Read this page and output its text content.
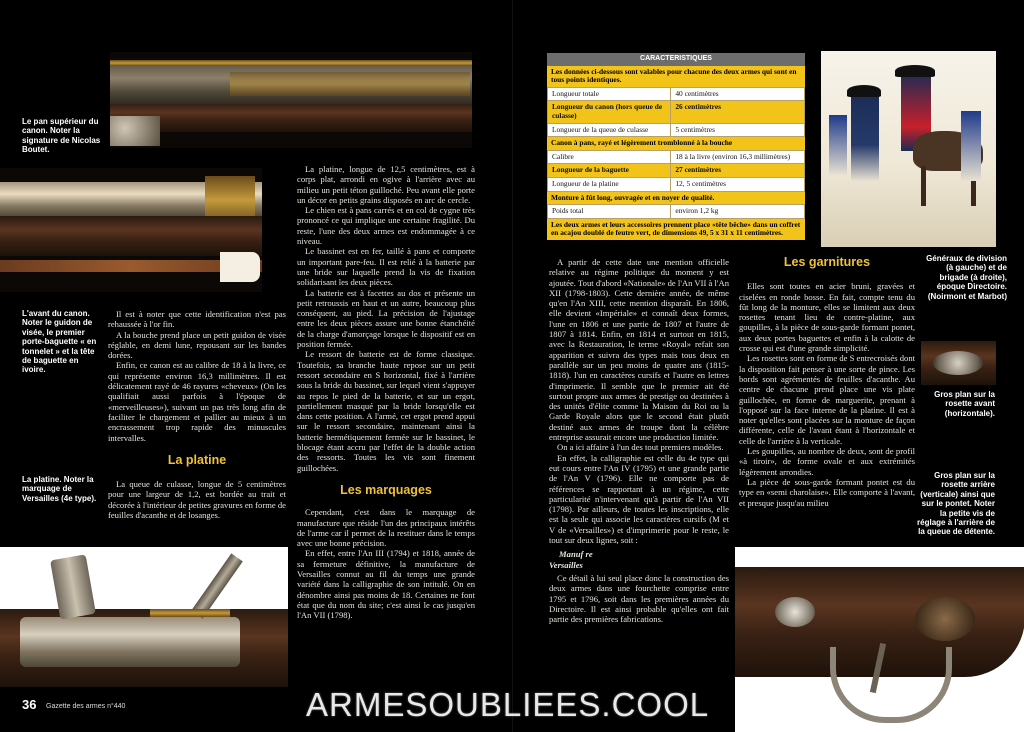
Le pan supérieur du canon. Noter la signature de Nicolas Boutet.
L'avant du canon. Noter le guidon de visée, le premier porte-baguette « en tonnelet » et la tête de baguette en ivoire.

Il est à noter que cette identification n'est pas rehaussée à l'or fin.

A la bouche prend place un petit guidon de visée réglable, en demi lune, repousant sur les bandes dorées.

Enfin, ce canon est au calibre de 18 à la livre, ce qui représente environ 16,3 millimètres. Il est délicatement rayé de 46 rayures «cheveux» (On les qualifiait aussi parfois à l'époque de «merveilleuses»), suivant un pas très long afin de faciliter le chargement et pallier au mieux à un encrassement trop rapide des minuscules intervalles.

La platine

La queue de culasse, longue de 5 centimètres pour une largeur de 1,2, est bordée au trait et décorée à l'intérieur de petites gravures en forme de feuilles d'acanthe et de losanges.

La platine. Noter la marquage de Versailles (4e type).

La platine, longue de 12,5 centimètres, est à corps plat, arrondi en ogive à l'arrière avec au milieu un petit téton guilloché. Peu avant elle porte un décor en petits grains disposés en arc de cercle.

Le chien est à pans carrés et en col de cygne très prononcé ce qui implique une certaine fragilité. Du reste, l'une des deux armes est endommagée à ce niveau.

Le bassinet est en fer, taillé à pans et comporte un important pare-feu. Il est relié à la batterie par une bride sur laquelle prend la vis de fixation solidarisant les deux pièces.

La batterie est à facettes au dos et présente un petit retroussis en haut et un autre, beaucoup plus conséquent, au pied. La précision de l'ajustage entre les deux pièces assure une bonne étanchéité de la charge d'amorçage lorsque le dispositif est en position fermée.

Le ressort de batterie est de forme classique. Toutefois, sa branche haute repose sur un petit ressort secondaire en S horizontal, fixé à l'arrière sous la bride du bassinet, sur lequel vient s'appuyer au repos le pied de la batterie, et sur un ergot, partiellement masqué par la bride lorsqu'elle est dans cette position. A l'armé, cet ergot prend appui sur le ressort secondaire, maintenant ainsi la batterie hermétiquement fermée sur le bassinet, le blocage étant accru par l'effet de la double action des ressorts. Toutes les vis sont finement guillochées.

Les marquages

Cependant, c'est dans le marquage de manufacture que réside l'un des principaux intérêts de l'arme car il permet de la restituer dans le temps avec une bonne précision.

En effet, entre l'An III (1794) et 1818, année de sa fermeture définitive, la manufacture de Versailles connut au fil du temps une grande variété dans la calligraphie de son intitulé. On en dénombre ainsi pas moins de 18. Certaines ne font état que du nom du site; c'est ainsi le cas jusqu'en l'An VII (1798).

36 Gazette des armes n°440
Généraux de division (à gauche) et de brigade (à droite), époque Directoire. (Noirmont et Marbot)
Gros plan sur la rosette avant (horizontale).
Gros plan sur la rosette arrière (verticale) ainsi que sur le pontet. Noter la petite vis de réglage à l'arrière de la queue de détente.

A partir de cette date une mention officielle relative au régime politique du moment y est ajoutée. Tout d'abord «Nationale» de l'An VII à l'An XII (1798-1803). Cette dernière année, de même qu'en l'An XIII, cette mention disparaît. En 1806, elle devient «Impériale» et connaît deux formes, l'une en 1806 et une partie de 1807 et l'autre de 1807 à 1814. Enfin, en 1814 et surtout en 1815, avec la Restauration, le terme «Royal» refait son apparition et suivra des types mais tous deux en parallèle sur un peu moins de quatre ans (1815-1818). l'un en caractères cursifs et l'autre en lettres d'imprimerie. Il semble que le premier ait été surtout propre aux armes de prestige ou destinées à des unités d'élite comme la Maison du Roi ou la Garde Royale alors que le second était plutôt destiné aux armes de troupe dont la célèbre entreprise assurait encore une production limitée.

On a ici affaire à l'un des tout premiers modèles.

En effet, la calligraphie est celle du 4e type qui eut cours entre l'An IV (1795) et une grande partie de l'An V (1796). Elle ne comporte pas de références se rapportant à un régime, cette particularité n'intervenant qu'à partir de l'An VII (1798). Par ailleurs, de toutes les inscriptions, elle est la seule qui associe les caractères cursifs (M et V de «Versailles») et d'imprimerie pour le reste, le tout sur deux lignes, soit :

Manuf re

Versailles

Ce détail à lui seul place donc la construction des deux armes dans une fourchette comprise entre 1795 et 1796, soit dans les premières années du Directoire. Il est ainsi probable qu'elles ont fait partie des premières fabrications.

Les garnitures

Elles sont toutes en acier bruni, gravées et ciselées en ronde bosse. En fait, compte tenu du fût long de la monture, elles se limitent aux deux rosettes tenant lieu de contre-platine, aux goupilles, à la pièce de sous-garde formant pontet, aux deux portes baguettes et enfin à la calotte de crosse qui est d'une grande simplicité.

Les rosettes sont en forme de S entrecroisés dont la disposition fait penser à une sorte de pince. Les bords sont agrémentés de feuilles d'acanthe. Au centre de chacune prend place une vis plate guillochée, en forme de marguerite, prenant à l'opposé sur la face interne de la platine. Il est à noter qu'elles sont placées sur la monture de façon différente, celle de l'avant étant à l'horizontale et celle de l'arrière à la verticale.

Les goupilles, au nombre de deux, sont de profil «à tiroir», de forme ovale et aux extrémités légèrement arrondies.

La pièce de sous-garde formant pontet est du type en «semi charolaise». Elle comporte à l'avant, et presque jusqu'au milieu

CARACTERISTIQUES
Les données ci-dessous sont valables pour chacune des deux armes qui sont en tous points identiques.
Longueur totale	40 centimètres
Longueur du canon (hors queue de culasse)	26 centimètres
Longueur de la queue de culasse	5 centimètres
Canon à pans, rayé et légèrement tromblonné à la bouche
Calibre	18 à la livre (environ 16,3 millimètres)
Longueur de la baguette	27 centimètres
Longueur de la platine	12, 5 centimètres
Monture à fût long, ouvragée et en noyer de qualité.
Poids total	environ 1,2 kg
Les deux armes et leurs accessoires prennent place «tête bêche» dans un coffret en acajou doublé de feutre vert, de dimensions 49, 5 x 31 x 11 centimètres.
ARMESOUBLIEES.COOL
